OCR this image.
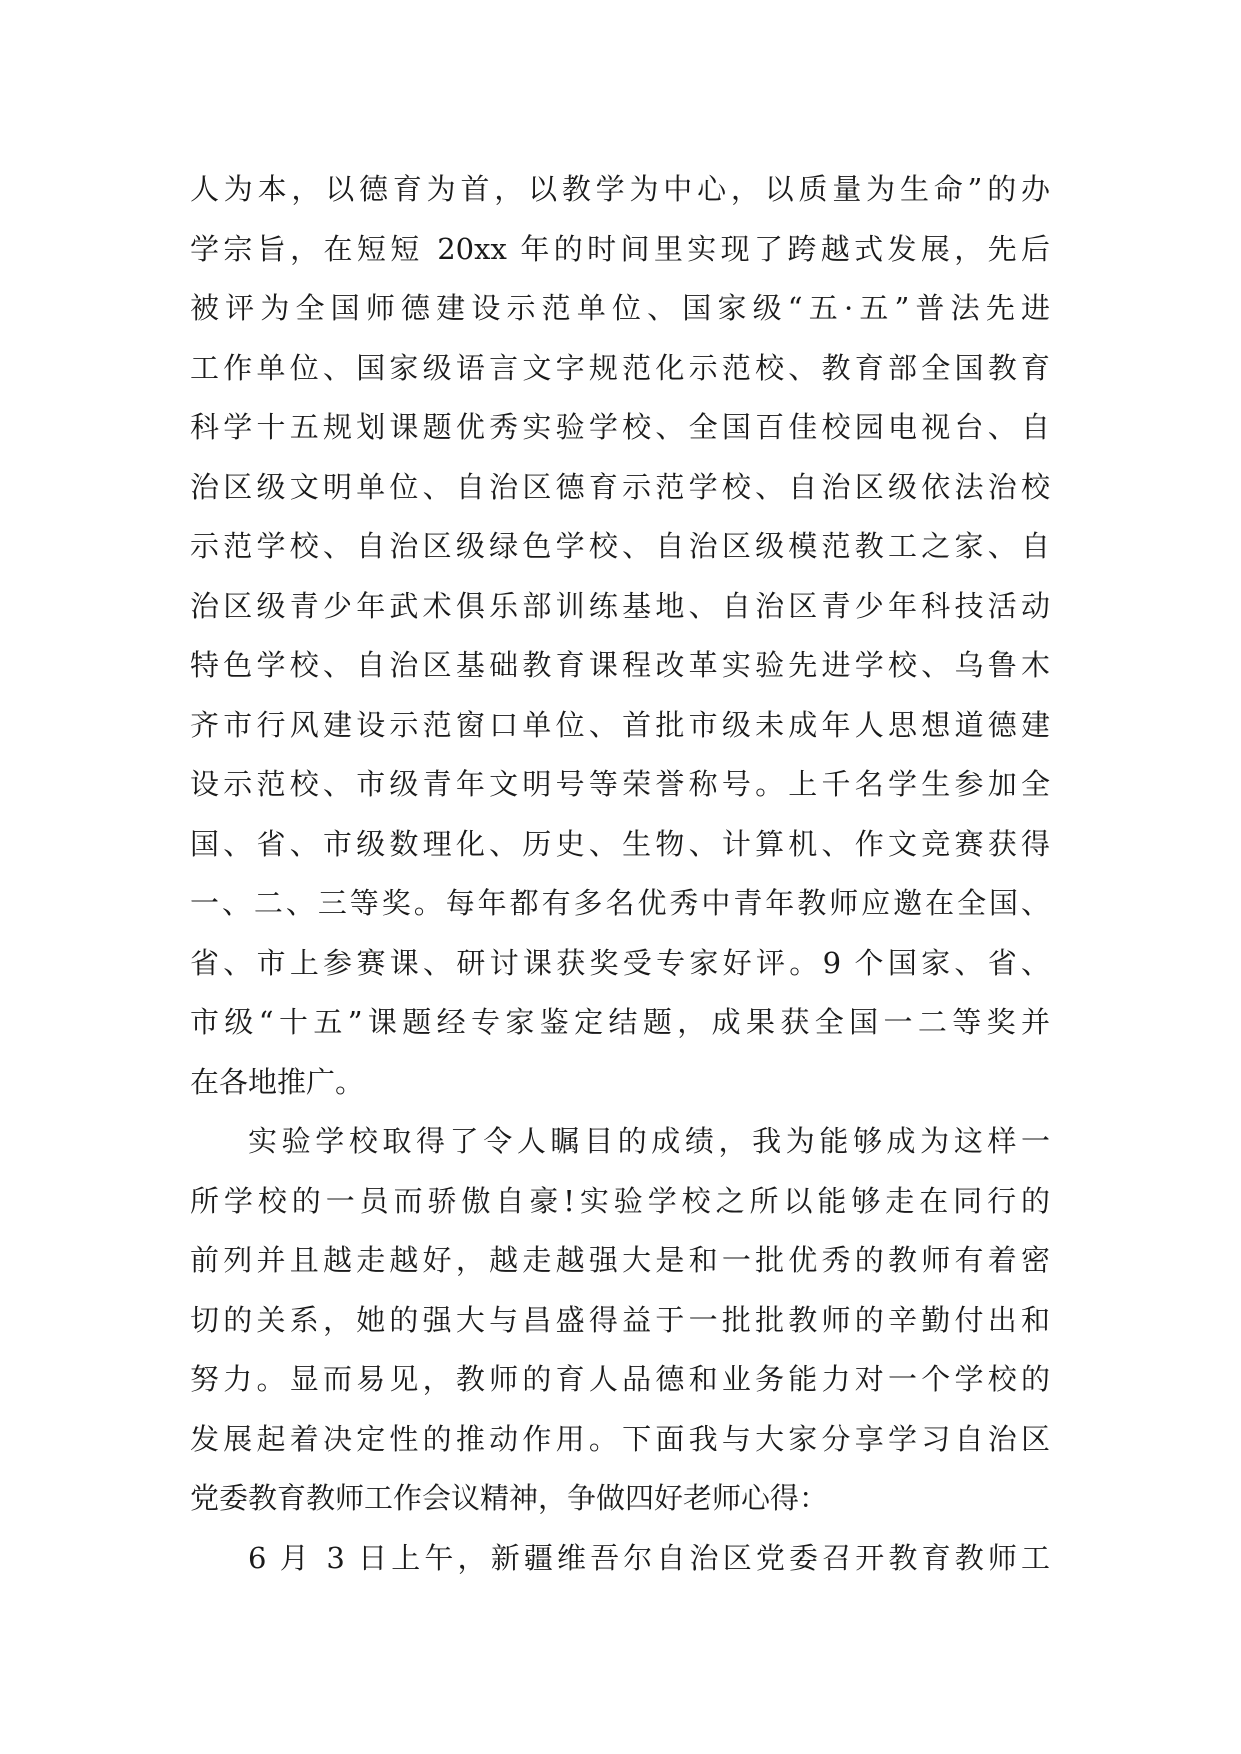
人为本，以德育为首，以教学为中心，以质量为生命”的办
学宗旨，在短短 20xx 年的时间里实现了跨越式发展，先后
被评为全国师德建设示范单位、国家级“五·五”普法先进
工作单位、国家级语言文字规范化示范校、教育部全国教育
科学十五规划课题优秀实验学校、全国百佳校园电视台、自
治区级文明单位、自治区德育示范学校、自治区级依法治校
示范学校、自治区级绿色学校、自治区级模范教工之家、自
治区级青少年武术俱乐部训练基地、自治区青少年科技活动
特色学校、自治区基础教育课程改革实验先进学校、乌鲁木
齐市行风建设示范窗口单位、首批市级未成年人思想道德建
设示范校、市级青年文明号等荣誉称号。上千名学生参加全
国、省、市级数理化、历史、生物、计算机、作文竞赛获得
一、二、三等奖。每年都有多名优秀中青年教师应邀在全国、
省、市上参赛课、研讨课获奖受专家好评。9 个国家、省、
市级“十五”课题经专家鉴定结题，成果获全国一二等奖并
在各地推广。
实验学校取得了令人瞩目的成绩，我为能够成为这样一
所学校的一员而骄傲自豪!实验学校之所以能够走在同行的
前列并且越走越好，越走越强大是和一批优秀的教师有着密
切的关系，她的强大与昌盛得益于一批批教师的辛勤付出和
努力。显而易见，教师的育人品德和业务能力对一个学校的
发展起着决定性的推动作用。下面我与大家分享学习自治区
党委教育教师工作会议精神，争做四好老师心得：
6 月 3 日上午，新疆维吾尔自治区党委召开教育教师工
